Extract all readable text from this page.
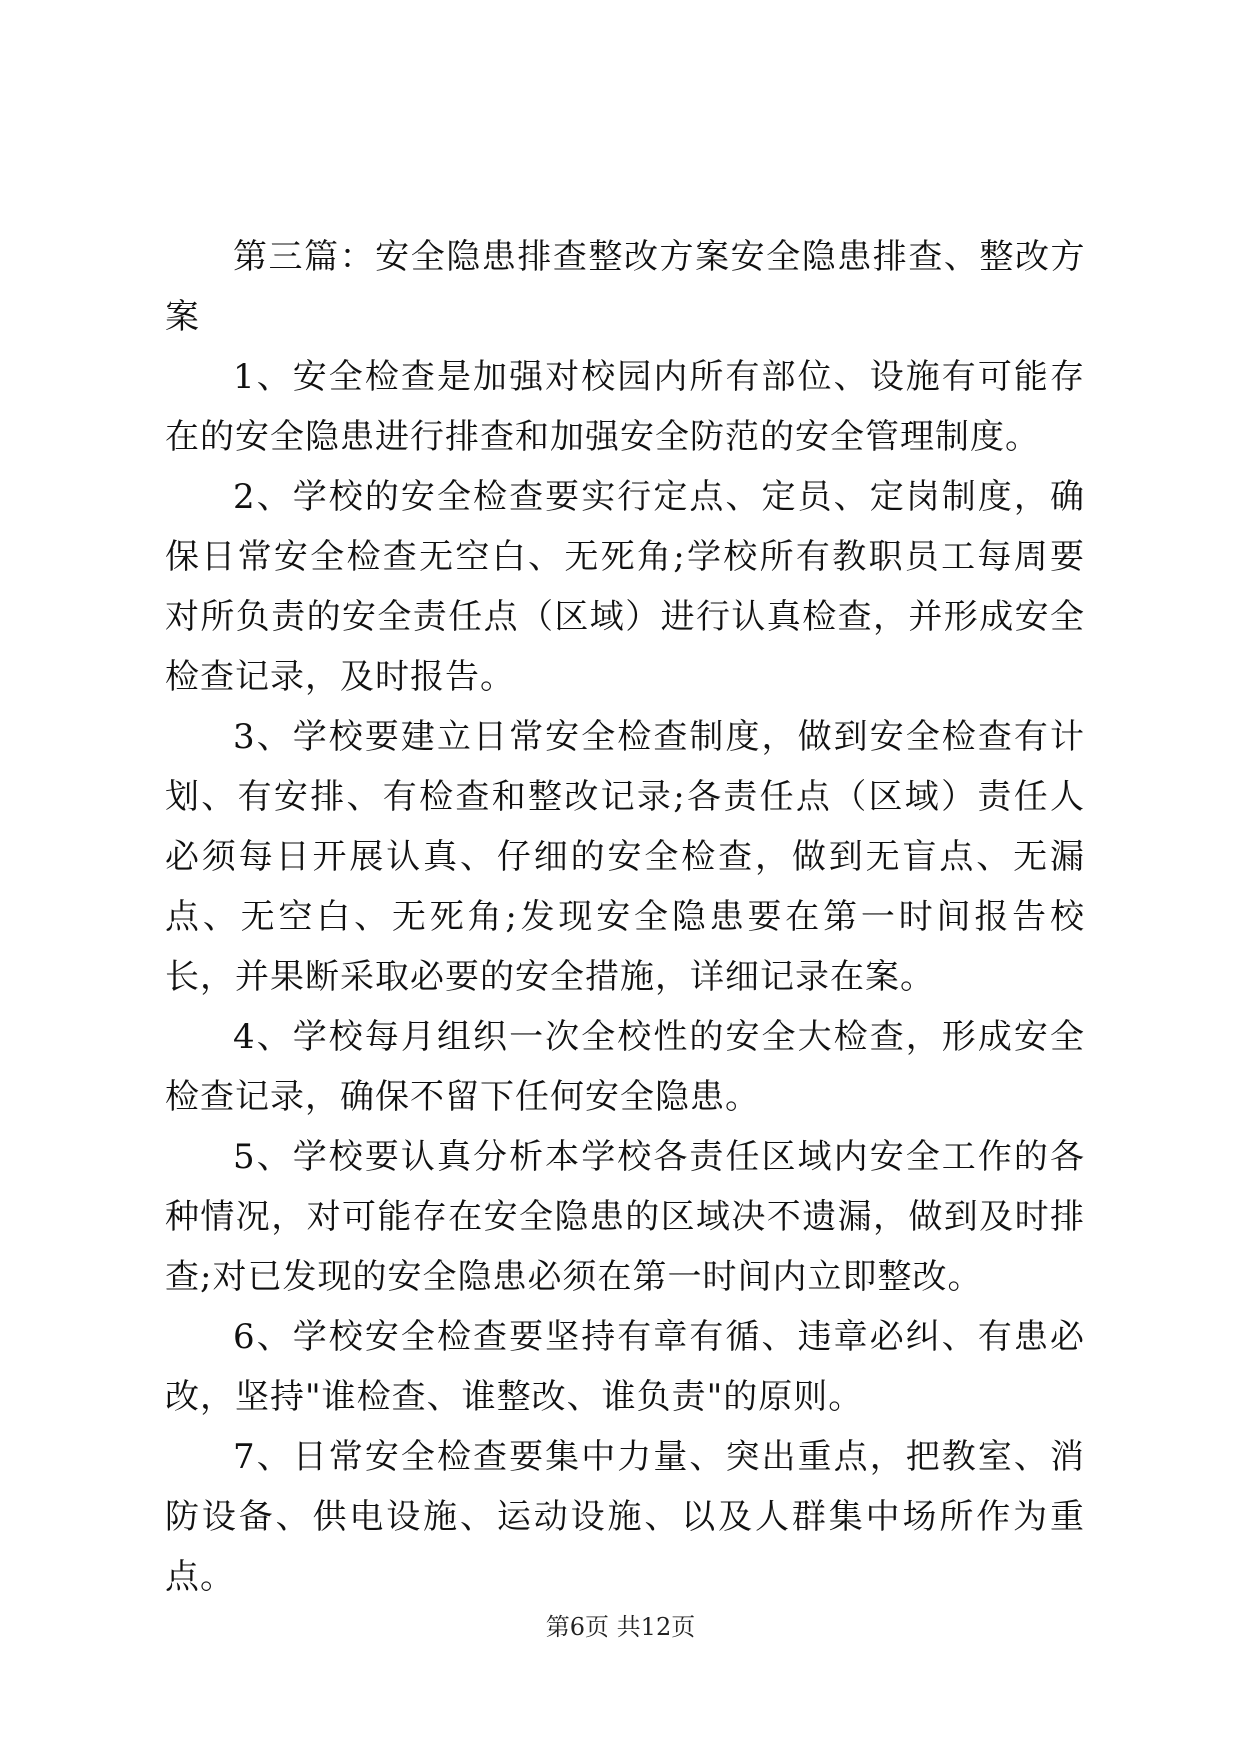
第三篇：安全隐患排查整改方案安全隐患排查、整改方案

1、安全检查是加强对校园内所有部位、设施有可能存在的安全隐患进行排查和加强安全防范的安全管理制度。

2、学校的安全检查要实行定点、定员、定岗制度，确保日常安全检查无空白、无死角;学校所有教职员工每周要对所负责的安全责任点（区域）进行认真检查，并形成安全检查记录，及时报告。

3、学校要建立日常安全检查制度，做到安全检查有计划、有安排、有检查和整改记录;各责任点（区域）责任人必须每日开展认真、仔细的安全检查，做到无盲点、无漏点、无空白、无死角;发现安全隐患要在第一时间报告校长，并果断采取必要的安全措施，详细记录在案。

4、学校每月组织一次全校性的安全大检查，形成安全检查记录，确保不留下任何安全隐患。

5、学校要认真分析本学校各责任区域内安全工作的各种情况，对可能存在安全隐患的区域决不遗漏，做到及时排查;对已发现的安全隐患必须在第一时间内立即整改。

6、学校安全检查要坚持有章有循、违章必纠、有患必改，坚持"谁检查、谁整改、谁负责"的原则。

7、日常安全检查要集中力量、突出重点，把教室、消防设备、供电设施、运动设施、以及人群集中场所作为重点。

第6页 共12页
